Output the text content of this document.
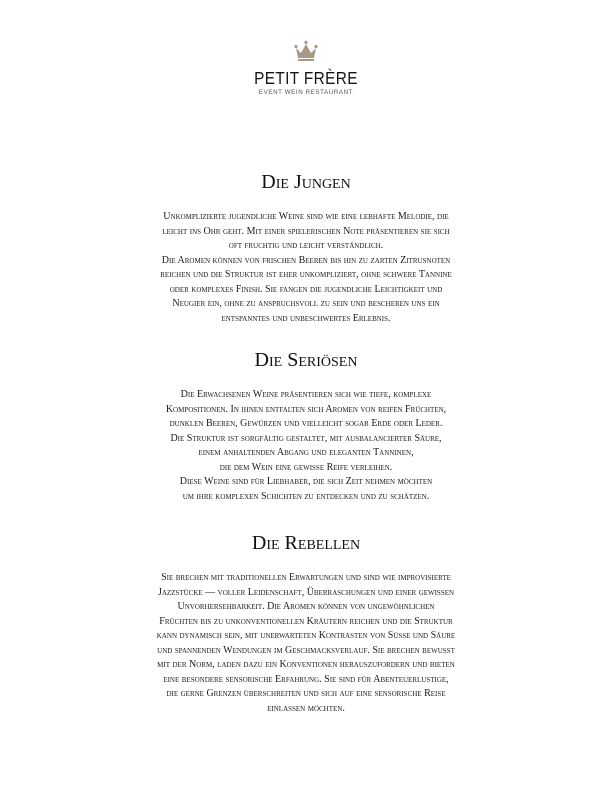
PETIT FRÈRE
EVENT WEIN RESTAURANT
Die Jungen
Unkomplizierte jugendliche Weine sind wie eine lebhafte Melodie, die
leicht ins Ohr geht. Mit einer spielerischen Note präsentieren sie sich
oft fruchtig und leicht verständlich.
Die Aromen können von frischen Beeren bis hin zu zarten Zitrusnoten
reichen und die Struktur ist eher unkompliziert, ohne schwere Tannine
oder komplexes Finish. Sie fangen die jugendliche Leichtigkeit und
Neugier ein, ohne zu anspruchsvoll zu sein und bescheren uns ein
entspanntes und unbeschwertes Erlebnis.
Die Seriösen
Die Erwachsenen Weine präsentieren sich wie tiefe, komplexe
Kompositionen. In ihnen entfalten sich Aromen von reifen Früchten,
dunklen Beeren, Gewürzen und vielleicht sogar Erde oder Leder.
Die Struktur ist sorgfältig gestaltet, mit ausbalancierter Säure,
einem anhaltenden Abgang und eleganten Tanninen,
die dem Wein eine gewisse Reife verleihen.
Diese Weine sind für Liebhaber, die sich Zeit nehmen möchten
um ihre komplexen Schichten zu entdecken und zu schätzen.
Die Rebellen
Sie brechen mit traditionellen Erwartungen und sind wie improvisierte
Jazzstücke — voller Leidenschaft, Überraschungen und einer gewissen
Unvorhersehbarkeit. Die Aromen können von ungewöhnlichen
Früchten bis zu unkonventionellen Kräutern reichen und die Struktur
kann dynamisch sein, mit unerwarteten Kontrasten von Süße und Säure
und spannenden Wendungen im Geschmacksverlauf. Sie brechen bewusst
mit der Norm, laden dazu ein Konventionen herauszufordern und bieten
eine besondere sensorische Erfahrung. Sie sind für Abenteuerlustige,
die gerne Grenzen überschreiten und sich auf eine sensorische Reise
einlassen möchten.
